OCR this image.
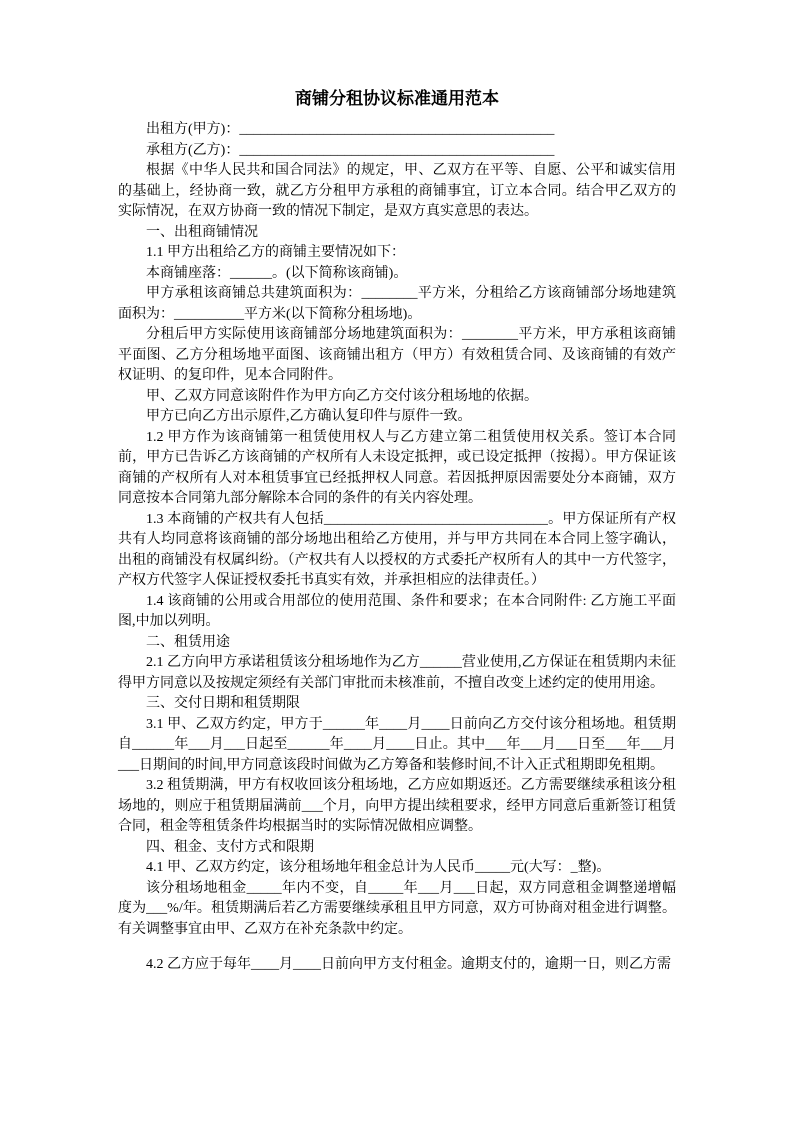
商铺分租协议标准通用范本

出租方(甲方)：_____________________________________________

承租方(乙方)：_____________________________________________

根据《中华人民共和国合同法》的规定，甲、乙双方在平等、自愿、公平和诚实信用的基础上，经协商一致，就乙方分租甲方承租的商铺事宜，订立本合同。结合甲乙双方的实际情况，在双方协商一致的情况下制定，是双方真实意思的表达。

一、出租商铺情况

1.1 甲方出租给乙方的商铺主要情况如下：

本商铺座落：______。(以下简称该商铺)。

甲方承租该商铺总共建筑面积为：________平方米，分租给乙方该商铺部分场地建筑面积为：__________平方米(以下简称分租场地)。

分租后甲方实际使用该商铺部分场地建筑面积为：________平方米，甲方承租该商铺平面图、乙方分租场地平面图、该商铺出租方（甲方）有效租赁合同、及该商铺的有效产权证明、的复印件，见本合同附件。

甲、乙双方同意该附件作为甲方向乙方交付该分租场地的依据。

甲方已向乙方出示原件,乙方确认复印件与原件一致。

1.2 甲方作为该商铺第一租赁使用权人与乙方建立第二租赁使用权关系。签订本合同前，甲方已告诉乙方该商铺的产权所有人未设定抵押，或已设定抵押（按揭）。甲方保证该商铺的产权所有人对本租赁事宜已经抵押权人同意。若因抵押原因需要处分本商铺，双方同意按本合同第九部分解除本合同的条件的有关内容处理。

1.3 本商铺的产权共有人包括________________________________。甲方保证所有产权共有人均同意将该商铺的部分场地出租给乙方使用，并与甲方共同在本合同上签字确认，出租的商铺没有权属纠纷。（产权共有人以授权的方式委托产权所有人的其中一方代签字，产权方代签字人保证授权委托书真实有效，并承担相应的法律责任。）

1.4 该商铺的公用或合用部位的使用范围、条件和要求；在本合同附件: 乙方施工平面图,中加以列明。

二、租赁用途

2.1 乙方向甲方承诺租赁该分租场地作为乙方______营业使用,乙方保证在租赁期内未征得甲方同意以及按规定须经有关部门审批而未核准前，不擅自改变上述约定的使用用途。

三、交付日期和租赁期限

3.1 甲、乙双方约定，甲方于______年____月____日前向乙方交付该分租场地。租赁期自______年___月___日起至______年____月____日止。其中___年___月___日至___年___月___日期间的时间,甲方同意该段时间做为乙方筹备和装修时间,不计入正式租期即免租期。

3.2 租赁期满，甲方有权收回该分租场地，乙方应如期返还。乙方需要继续承租该分租场地的，则应于租赁期届满前___个月，向甲方提出续租要求，经甲方同意后重新签订租赁合同，租金等租赁条件均根据当时的实际情况做相应调整。

四、租金、支付方式和限期

4.1 甲、乙双方约定，该分租场地年租金总计为人民币_____元(大写：_整)。

该分租场地租金_____年内不变，自_____年___月___日起，双方同意租金调整递增幅度为___%/年。租赁期满后若乙方需要继续承租且甲方同意，双方可协商对租金进行调整。有关调整事宜由甲、乙双方在补充条款中约定。

4.2 乙方应于每年____月____日前向甲方支付租金。逾期支付的，逾期一日，则乙方需
